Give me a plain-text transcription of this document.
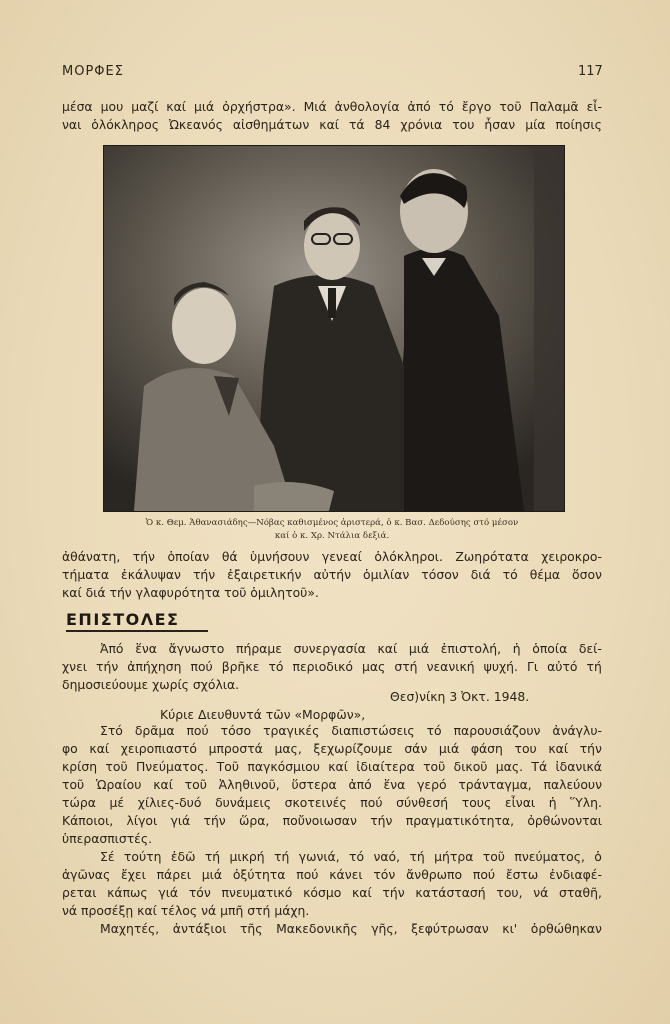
ΜΟΡΦΕΣ	117
μέσα μου μαζί καί μιά ὀρχήστρα». Μιά ἀνθολογία ἀπό τό ἔργο τοῦ Παλαμᾶ εἶ-
ναι ὁλόκληρος Ὠκεανός αἰσθημάτων καί τά 84 χρόνια του ἦσαν μία ποίησις
Ὁ κ. Θεμ. Ἀθανασιάδης—Νόβας καθισμένος ἀριστερά, ὁ κ. Βασ. Δεδούσης στό μέσον
καί ὁ κ. Χρ. Ντάλια δεξιά.
ἀθάνατη, τήν ὁποίαν θά ὑμνήσουν γενεαί ὁλόκληροι. Ζωηρότατα χειροκρο-
τήματα ἐκάλυψαν τήν ἐξαιρετικήν αὐτήν ὁμιλίαν τόσον διά τό θέμα ὅσον
καί διά τήν γλαφυρότητα τοῦ ὁμιλητοῦ».
ΕΠΙΣΤΟΛΕΣ
Ἀπό ἕνα ἄγνωστο πήραμε συνεργασία καί μιά ἐπιστολή, ἡ ὁποία δεί-
χνει τήν ἀπήχηση πού βρῆκε τό περιοδικό μας στή νεανική ψυχή. Γι αὐτό τή
δημοσιεύουμε χωρίς σχόλια.
Θεσ)νίκη 3 Ὀκτ. 1948.
Κύριε Διευθυντά τῶν «Μορφῶν»,
Στό δρᾶμα πού τόσο τραγικές διαπιστώσεις τό παρουσιάζουν ἀνάγλυ-
φο καί χειροπιαστό μπροστά μας, ξεχωρίζουμε σάν μιά φάση του καί τήν
κρίση τοῦ Πνεύματος. Τοῦ παγκόσμιου καί ἰδιαίτερα τοῦ δικοῦ μας. Τά ἰδανικά
τοῦ Ὡραίου καί τοῦ Ἀληθινοῦ, ὕστερα ἀπό ἕνα γερό τράνταγμα, παλεύουν
τώρα μέ χίλιες-δυό δυνάμεις σκοτεινές πού σύνθεσή τους εἶναι ἡ Ὕλη.
Κάποιοι, λίγοι γιά τήν ὥρα, ποὔνοιωσαν τήν πραγματικότητα, ὀρθώνονται
ὑπερασπιστές.
Σέ τούτη ἐδῶ τή μικρή τή γωνιά, τό ναό, τή μήτρα τοῦ πνεύματος, ὁ
ἀγῶνας ἔχει πάρει μιά ὀξύτητα πού κάνει τόν ἄνθρωπο πού ἔστω ἐνδιαφέ-
ρεται κάπως γιά τόν πνευματικό κόσμο καί τήν κατάστασή του, νά σταθῆ,
νά προσέξῃ καί τέλος νά μπῆ στή μάχη.
Μαχητές, ἀντάξιοι τῆς Μακεδονικῆς γῆς, ξεφύτρωσαν κι' ὀρθώθηκαν
